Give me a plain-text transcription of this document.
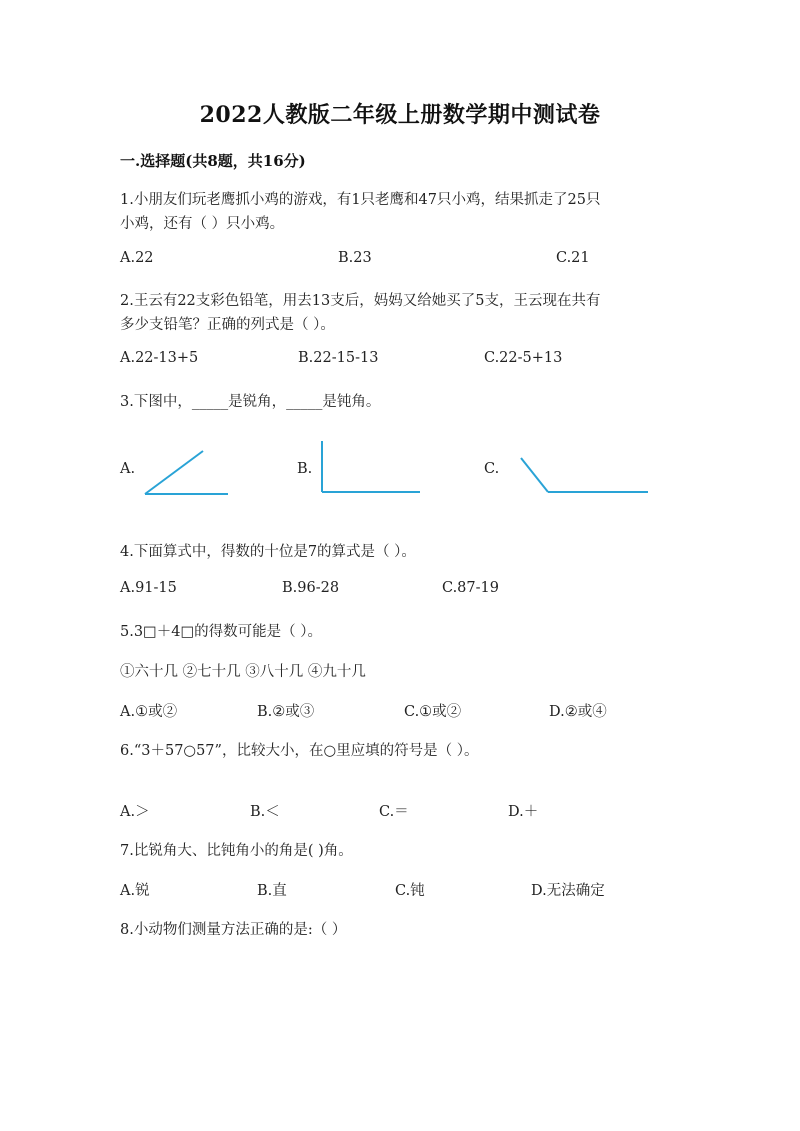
2022人教版二年级上册数学期中测试卷
一.选择题(共8题，共16分)
1.小朋友们玩老鹰抓小鸡的游戏，有1只老鹰和47只小鸡，结果抓走了25只
小鸡，还有（ ）只小鸡。
A.22	B.23	C.21
2.王云有22支彩色铅笔，用去13支后，妈妈又给她买了5支，王云现在共有
多少支铅笔？正确的列式是（ ）。
A.22-13+5	B.22-15-13	C.22-5+13
3.下图中，_____是锐角，_____是钝角。
A.	B.	C.
4.下面算式中，得数的十位是7的算式是（ ）。
A.91-15	B.96-28	C.87-19
5.3□＋4□的得数可能是（ ）。
①六十几 ②七十几 ③八十几 ④九十几
A.①或②	B.②或③	C.①或②	D.②或④
6.“3＋57○57”，比较大小，在○里应填的符号是（ ）。
A.＞	B.＜	C.＝	D.＋
7.比锐角大、比钝角小的角是( )角。
A.锐	B.直	C.钝	D.无法确定
8.小动物们测量方法正确的是:（ ）
